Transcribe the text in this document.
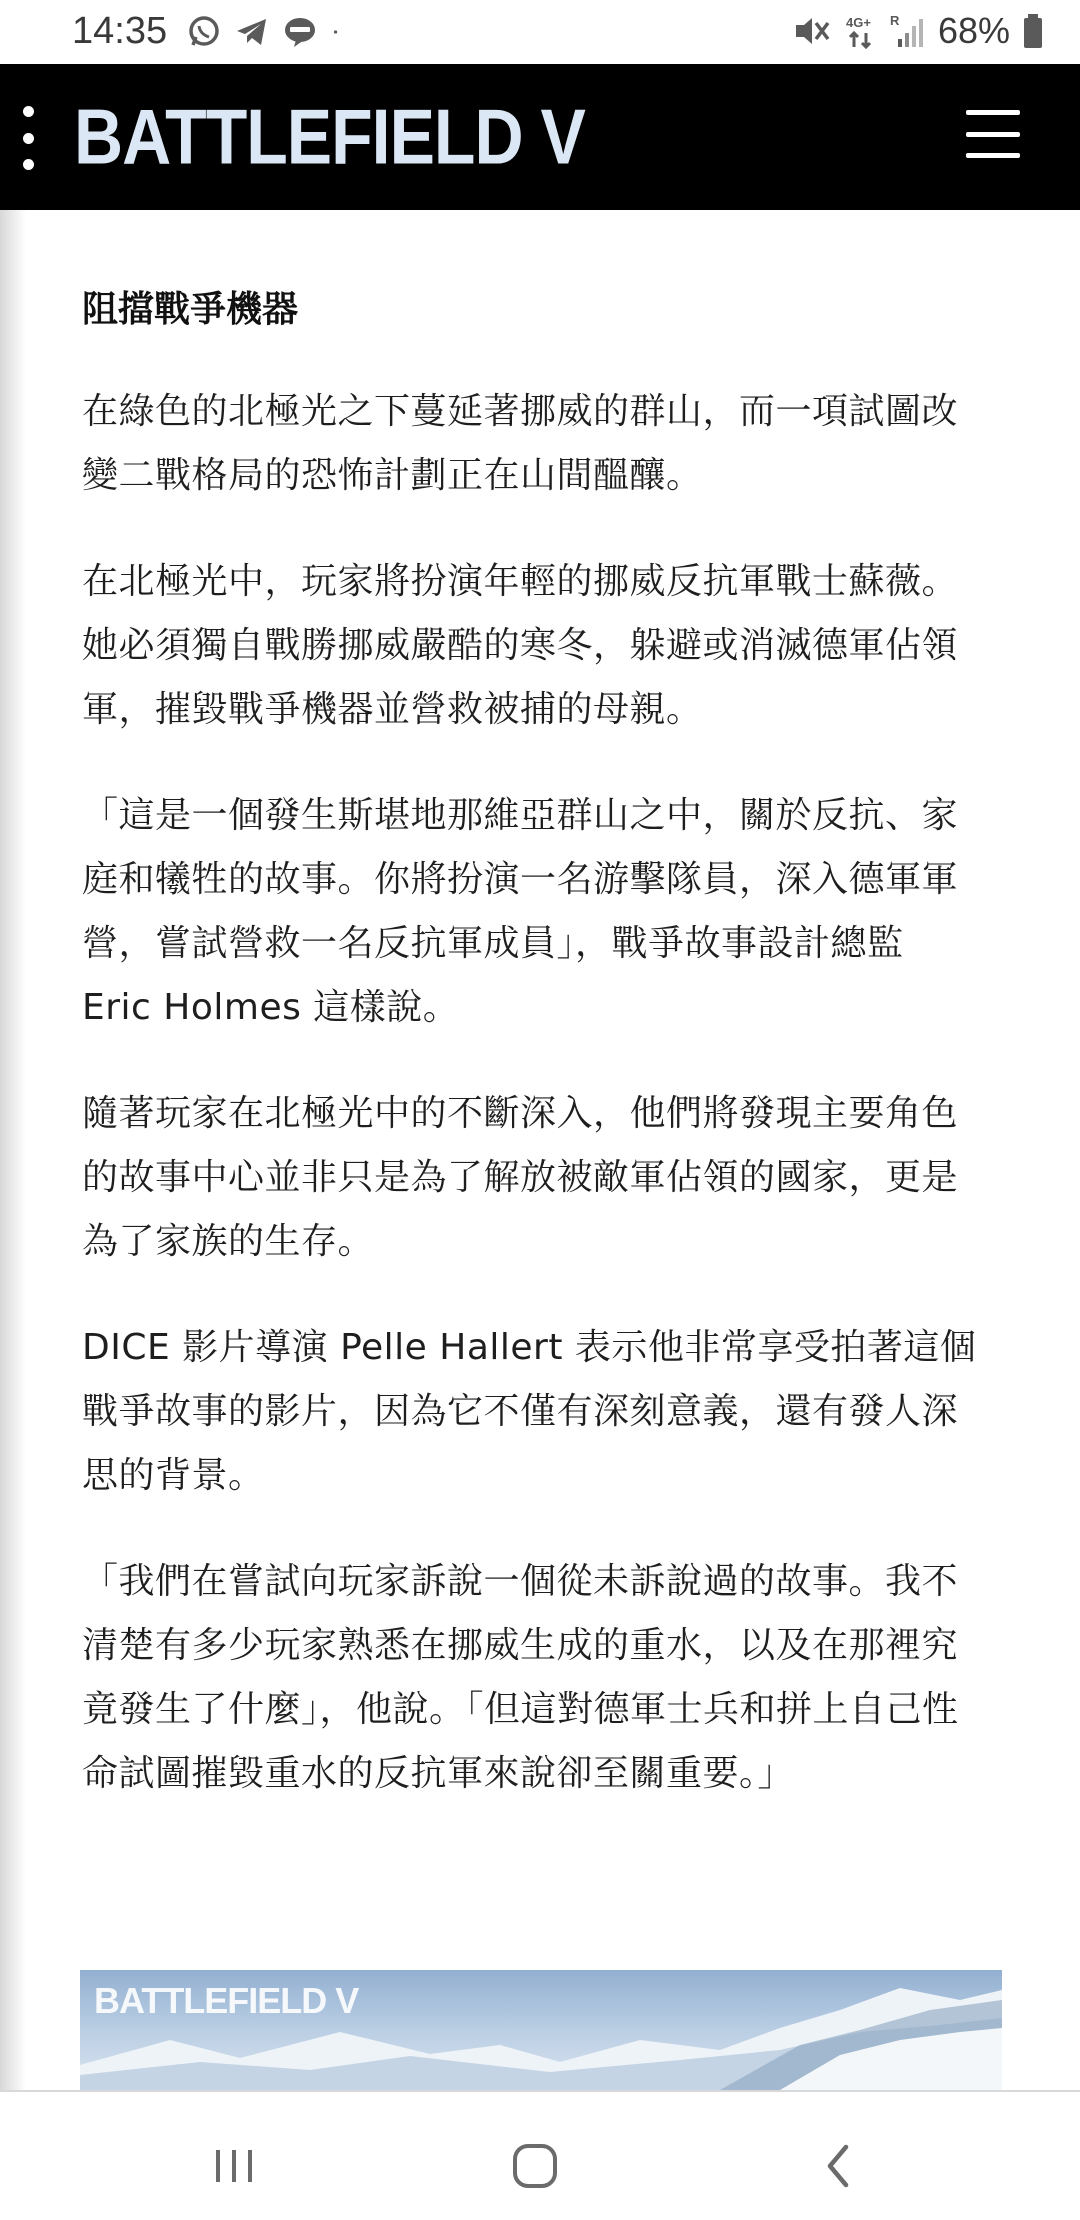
14:35	4G+ R 68%
BATTLEFIELD V
阻擋戰爭機器

在綠色的北極光之下蔓延著挪威的群山，而一項試圖改變二戰格局的恐怖計劃正在山間醞釀。

在北極光中，玩家將扮演年輕的挪威反抗軍戰士蘇薇。她必須獨自戰勝挪威嚴酷的寒冬，躲避或消滅德軍佔領軍，摧毀戰爭機器並營救被捕的母親。

「這是一個發生斯堪地那維亞群山之中，關於反抗、家庭和犧牲的故事。你將扮演一名游擊隊員，深入德軍軍營，嘗試營救一名反抗軍成員」，戰爭故事設計總監 Eric Holmes 這樣說。

隨著玩家在北極光中的不斷深入，他們將發現主要角色的故事中心並非只是為了解放被敵軍佔領的國家，更是為了家族的生存。

DICE 影片導演 Pelle Hallert 表示他非常享受拍著這個戰爭故事的影片，因為它不僅有深刻意義，還有發人深思的背景。

「我們在嘗試向玩家訴說一個從未訴說過的故事。我不清楚有多少玩家熟悉在挪威生成的重水，以及在那裡究竟發生了什麼」，他說。「但這對德軍士兵和拼上自己性命試圖摧毀重水的反抗軍來說卻至關重要。」

BATTLEFIELD V
